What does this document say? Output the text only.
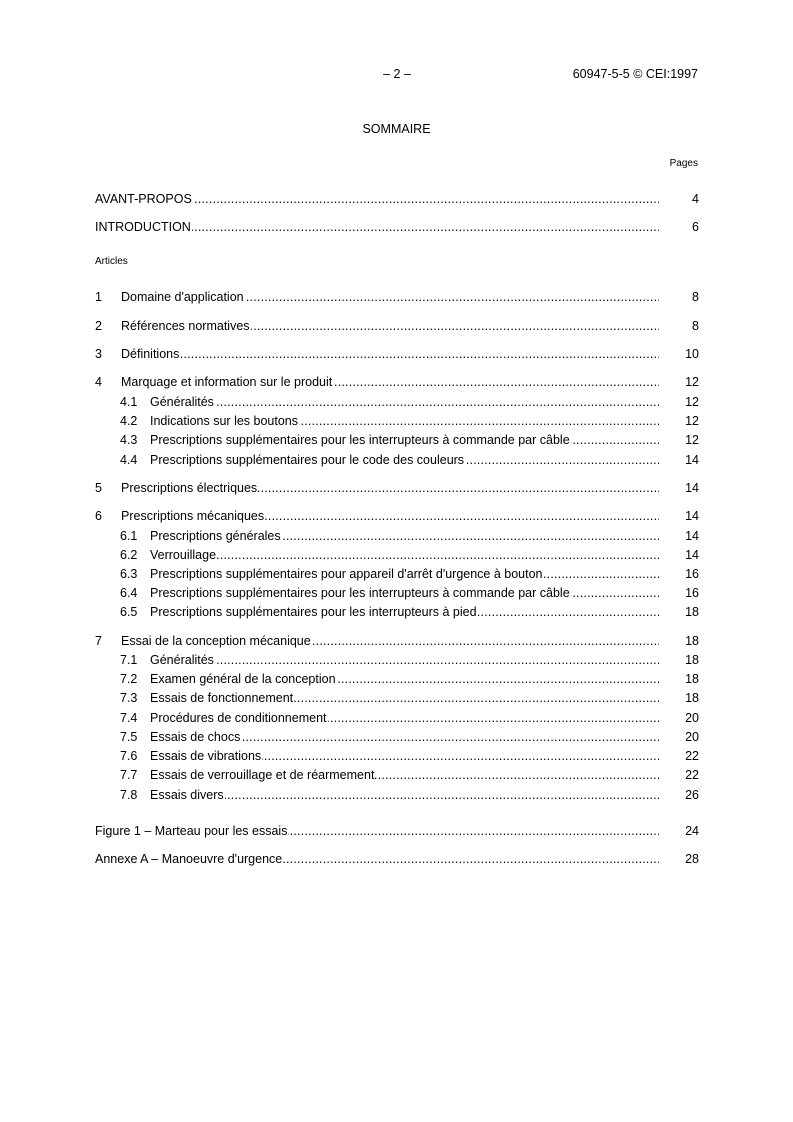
– 2 –	60947-5-5 © CEI:1997
SOMMAIRE
Pages
Articles
AVANT-PROPOS .....	4
INTRODUCTION .....	6
1 Domaine d'application .....	8
2 Références normatives .....	8
3 Définitions .....	10
4 Marquage et information sur le produit .....	12
4.1 Généralités .....	12
4.2 Indications sur les boutons .....	12
4.3 Prescriptions supplémentaires pour les interrupteurs à commande par câble .....	12
4.4 Prescriptions supplémentaires pour le code des couleurs .....	14
5 Prescriptions électriques .....	14
6 Prescriptions mécaniques .....	14
6.1 Prescriptions générales .....	14
6.2 Verrouillage .....	14
6.3 Prescriptions supplémentaires pour appareil d'arrêt d'urgence à bouton .....	16
6.4 Prescriptions supplémentaires pour les interrupteurs à commande par câble .....	16
6.5 Prescriptions supplémentaires pour les interrupteurs à pied .....	18
7 Essai de la conception mécanique .....	18
7.1 Généralités .....	18
7.2 Examen général de la conception .....	18
7.3 Essais de fonctionnement .....	18
7.4 Procédures de conditionnement .....	20
7.5 Essais de chocs .....	20
7.6 Essais de vibrations .....	22
7.7 Essais de verrouillage et de réarmement .....	22
7.8 Essais divers .....	26
Figure 1 – Marteau pour les essais .....	24
Annexe A – Manoeuvre d'urgence .....	28
